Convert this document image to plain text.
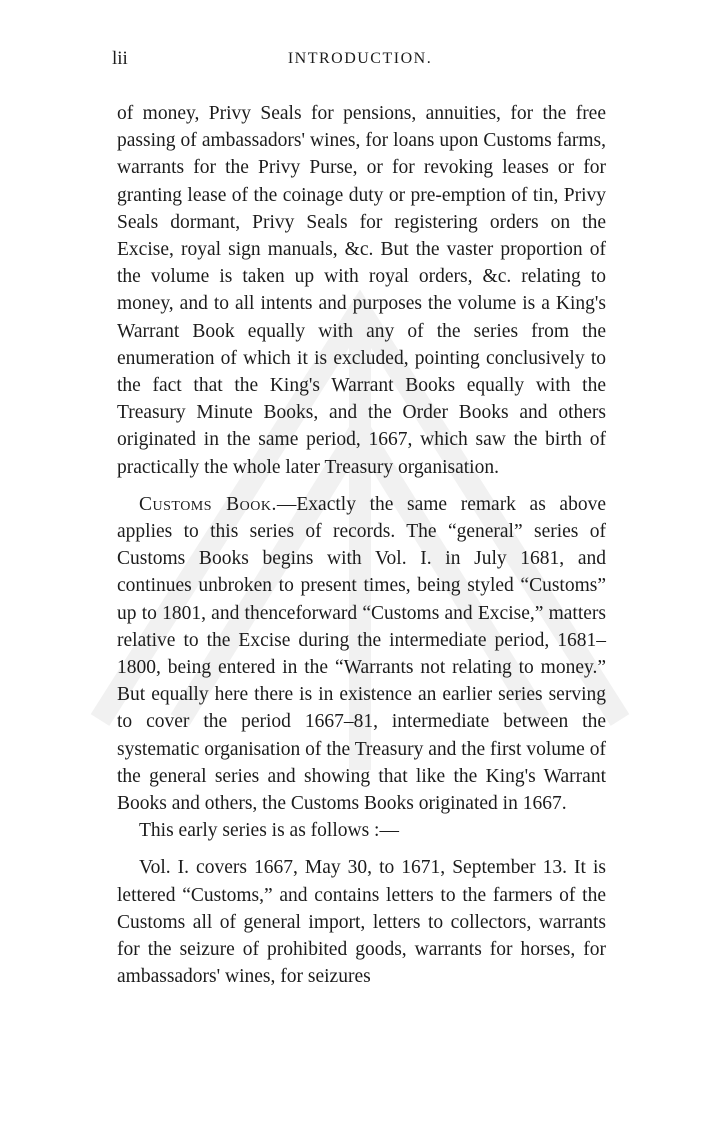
lii	INTRODUCTION.

of money, Privy Seals for pensions, annuities, for the free passing of ambassadors' wines, for loans upon Customs farms, warrants for the Privy Purse, or for revoking leases or for granting lease of the coinage duty or pre-emption of tin, Privy Seals dormant, Privy Seals for registering orders on the Excise, royal sign manuals, &c. But the vaster proportion of the volume is taken up with royal orders, &c. relating to money, and to all intents and purposes the volume is a King's Warrant Book equally with any of the series from the enumeration of which it is excluded, pointing conclusively to the fact that the King's Warrant Books equally with the Treasury Minute Books, and the Order Books and others originated in the same period, 1667, which saw the birth of practically the whole later Treasury organisation.

Customs Book.—Exactly the same remark as above applies to this series of records. The “general” series of Customs Books begins with Vol. I. in July 1681, and continues unbroken to present times, being styled “Customs” up to 1801, and thenceforward “Customs and Excise,” matters relative to the Excise during the intermediate period, 1681–1800, being entered in the “Warrants not relating to money.” But equally here there is in existence an earlier series serving to cover the period 1667–81, intermediate between the systematic organisation of the Treasury and the first volume of the general series and showing that like the King's Warrant Books and others, the Customs Books originated in 1667.

This early series is as follows :—

Vol. I. covers 1667, May 30, to 1671, September 13. It is lettered “Customs,” and contains letters to the farmers of the Customs all of general import, letters to collectors, warrants for the seizure of prohibited goods, warrants for horses, for ambassadors' wines, for seizures
